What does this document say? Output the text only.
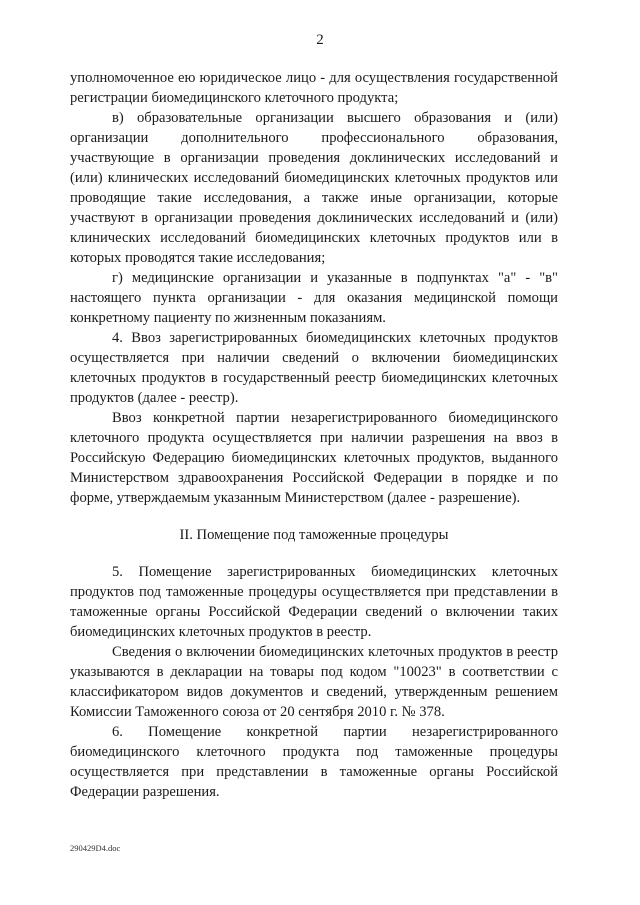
2

уполномоченное ею юридическое лицо - для осуществления государственной регистрации биомедицинского клеточного продукта;

в) образовательные организации высшего образования и (или) организации дополнительного профессионального образования, участвующие в организации проведения доклинических исследований и (или) клинических исследований биомедицинских клеточных продуктов или проводящие такие исследования, а также иные организации, которые участвуют в организации проведения доклинических исследований и (или) клинических исследований биомедицинских клеточных продуктов или в которых проводятся такие исследования;

г) медицинские организации и указанные в подпунктах "а" - "в" настоящего пункта организации - для оказания медицинской помощи конкретному пациенту по жизненным показаниям.

4. Ввоз зарегистрированных биомедицинских клеточных продуктов осуществляется при наличии сведений о включении биомедицинских клеточных продуктов в государственный реестр биомедицинских клеточных продуктов (далее - реестр).

Ввоз конкретной партии незарегистрированного биомедицинского клеточного продукта осуществляется при наличии разрешения на ввоз в Российскую Федерацию биомедицинских клеточных продуктов, выданного Министерством здравоохранения Российской Федерации в порядке и по форме, утверждаемым указанным Министерством (далее - разрешение).

II. Помещение под таможенные процедуры

5. Помещение зарегистрированных биомедицинских клеточных продуктов под таможенные процедуры осуществляется при представлении в таможенные органы Российской Федерации сведений о включении таких биомедицинских клеточных продуктов в реестр.

Сведения о включении биомедицинских клеточных продуктов в реестр указываются в декларации на товары под кодом "10023" в соответствии с классификатором видов документов и сведений, утвержденным решением Комиссии Таможенного союза от 20 сентября 2010 г. № 378.

6. Помещение конкретной партии незарегистрированного биомедицинского клеточного продукта под таможенные процедуры осуществляется при представлении в таможенные органы Российской Федерации разрешения.

290429D4.doc
